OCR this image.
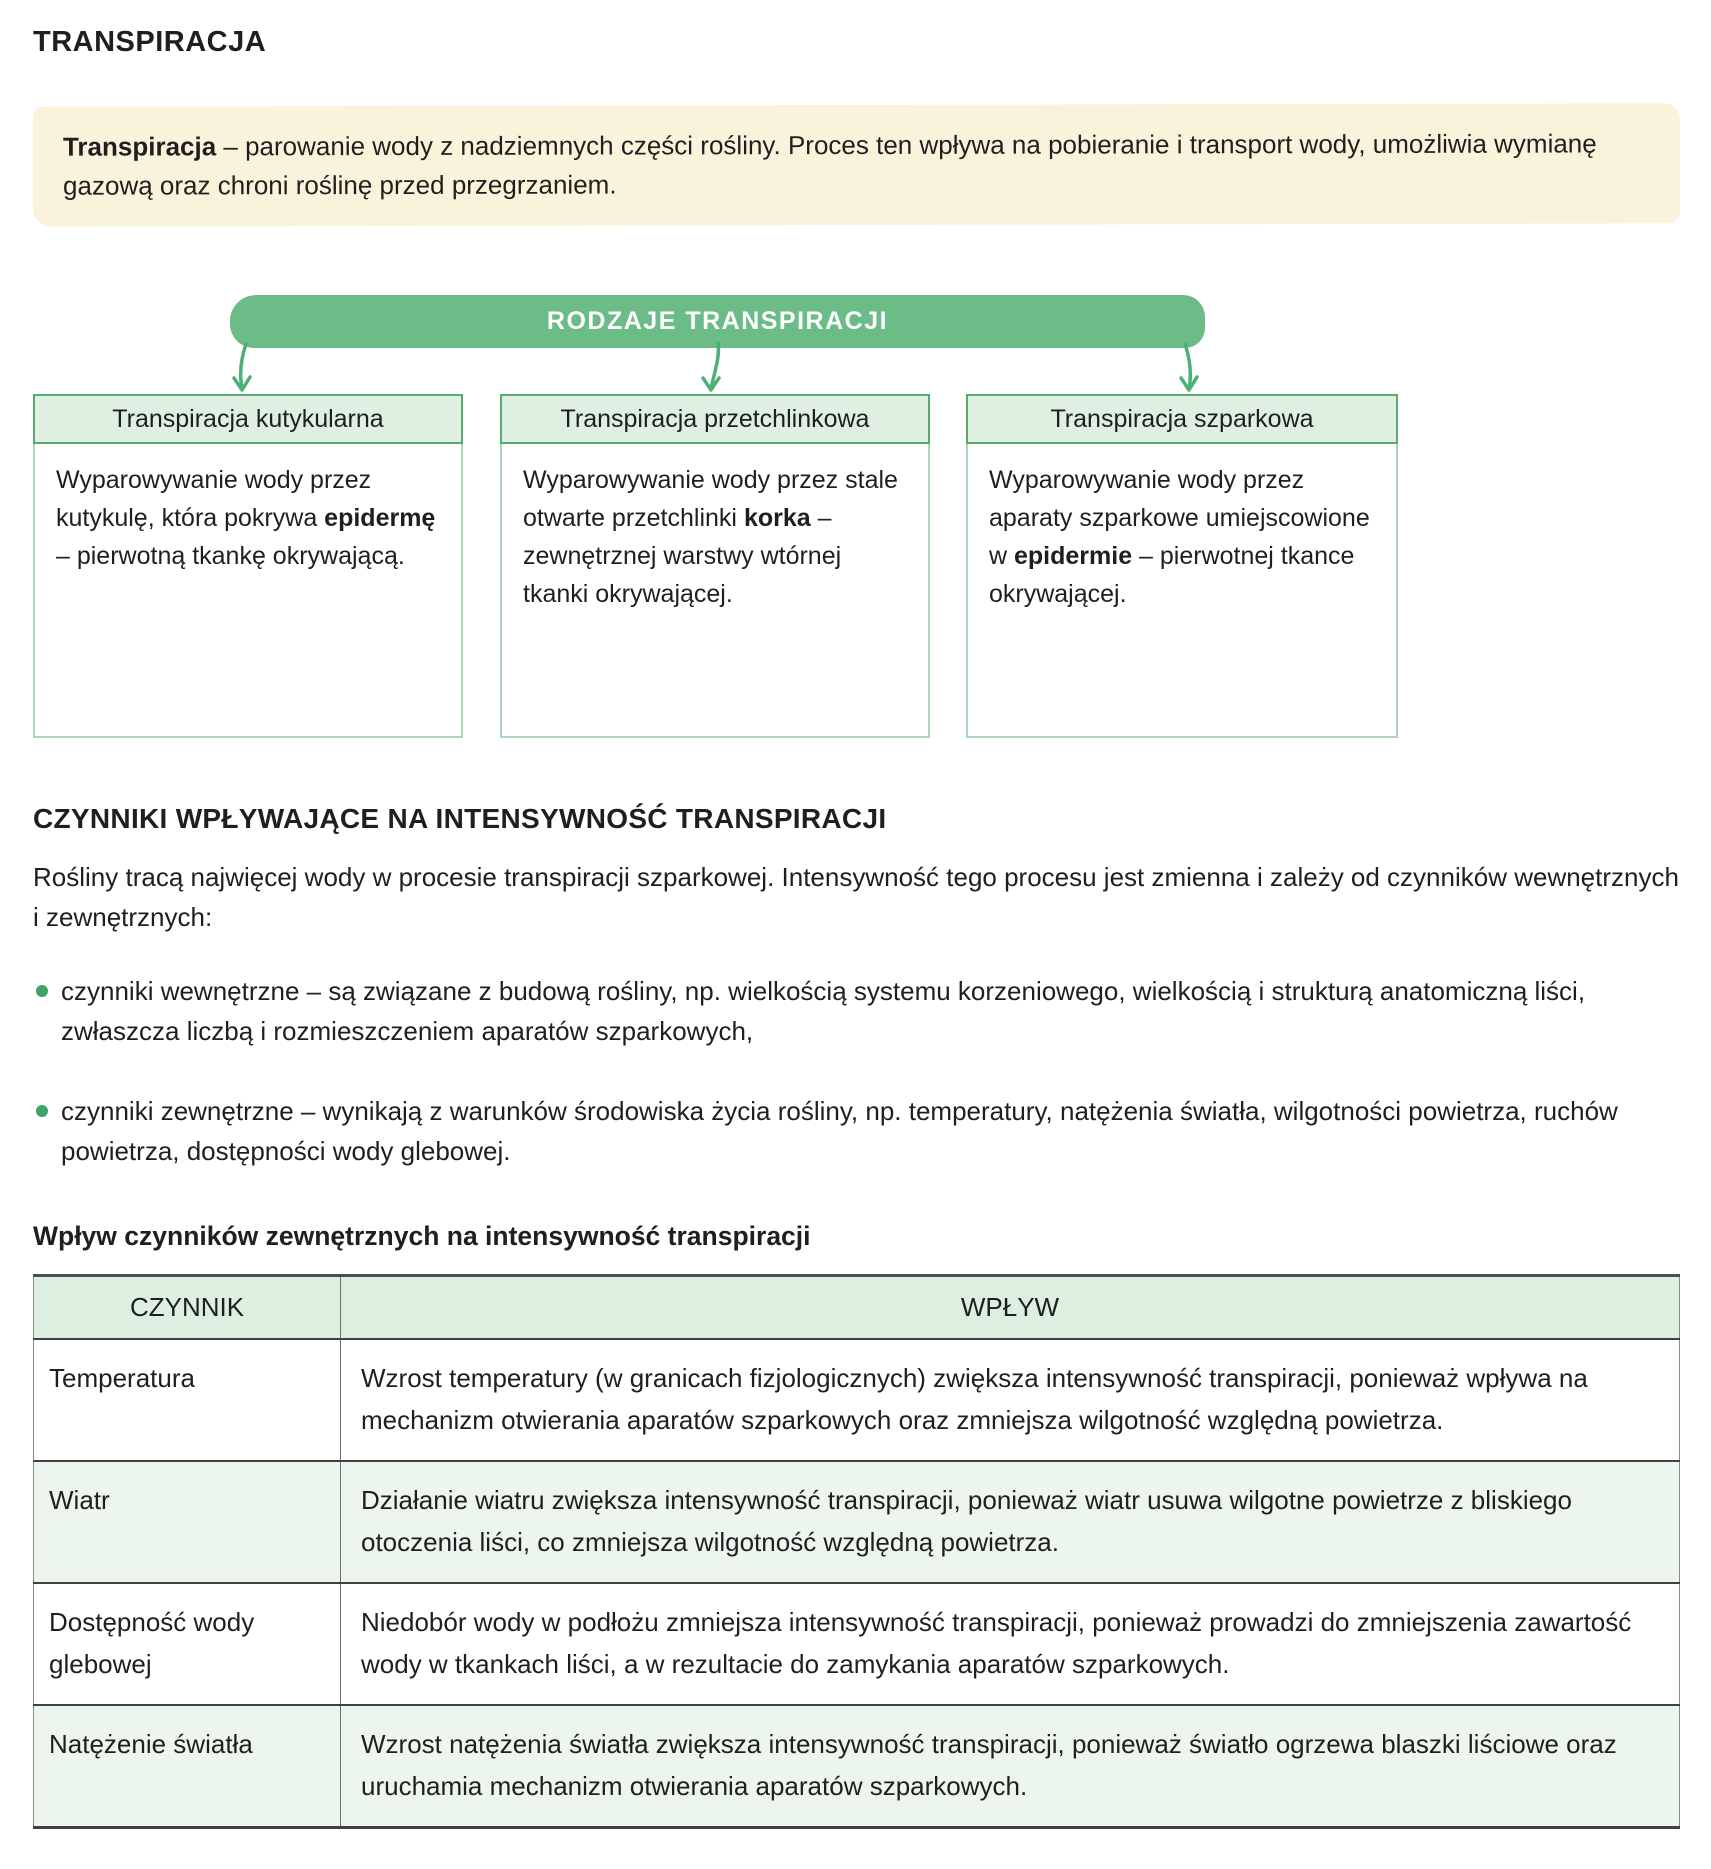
TRANSPIRACJA
Transpiracja – parowanie wody z nadziemnych części rośliny. Proces ten wpływa na pobieranie i transport wody, umożliwia wymianę gazową oraz chroni roślinę przed przegrzaniem.
RODZAJE TRANSPIRACJI
Transpiracja kutykularna
Wyparowywanie wody przez kutykulę, która pokrywa epidermę – pierwotną tkankę okrywającą.
Transpiracja przetchlinkowa
Wyparowywanie wody przez stale otwarte przetchlinki korka – zewnętrznej warstwy wtórnej tkanki okrywającej.
Transpiracja szparkowa
Wyparowywanie wody przez aparaty szparkowe umiejscowione w epidermie – pierwotnej tkance okrywającej.
CZYNNIKI WPŁYWAJĄCE NA INTENSYWNOŚĆ TRANSPIRACJI

Rośliny tracą najwięcej wody w procesie transpiracji szparkowej. Intensywność tego procesu jest zmienna i zależy od czynników wewnętrznych i zewnętrznych:

czynniki wewnętrzne – są związane z budową rośliny, np. wielkością systemu korzeniowego, wielkością i strukturą anatomiczną liści, zwłaszcza liczbą i rozmieszczeniem aparatów szparkowych,
czynniki zewnętrzne – wynikają z warunków środowiska życia rośliny, np. temperatury, natężenia światła, wilgotności powietrza, ruchów powietrza, dostępności wody glebowej.
Wpływ czynników zewnętrznych na intensywność transpiracji
CZYNNIK	WPŁYW
Temperatura	Wzrost temperatury (w granicach fizjologicznych) zwiększa intensywność transpiracji, ponieważ wpływa na mechanizm otwierania aparatów szparkowych oraz zmniejsza wilgotność względną powietrza.
Wiatr	Działanie wiatru zwiększa intensywność transpiracji, ponieważ wiatr usuwa wilgotne powietrze z bliskiego otoczenia liści, co zmniejsza wilgotność względną powietrza.
Dostępność wody glebowej	Niedobór wody w podłożu zmniejsza intensywność transpiracji, ponieważ prowadzi do zmniejszenia zawartość wody w tkankach liści, a w rezultacie do zamykania aparatów szparkowych.
Natężenie światła	Wzrost natężenia światła zwiększa intensywność transpiracji, ponieważ światło ogrzewa blaszki liściowe oraz uruchamia mechanizm otwierania aparatów szparkowych.
